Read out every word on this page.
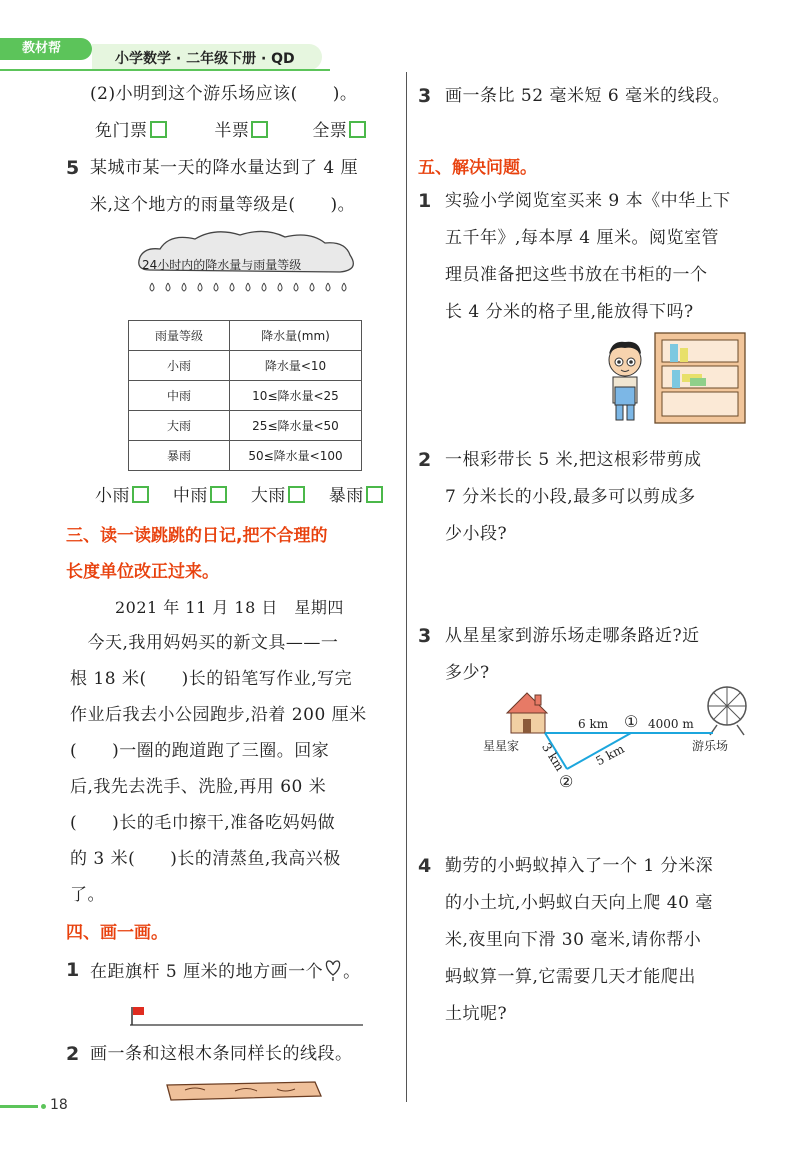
教材帮
小学数学 · 二年级下册 · QD
(2)小明到这个游乐场应该(　　)。
免门票	半票	全票
5 某城市某一天的降水量达到了 4 厘
米,这个地方的雨量等级是(　　)。
24小时内的降水量与雨量等级
雨量等级	降水量(mm)
小雨	降水量<10
中雨	10≤降水量<25
大雨	25≤降水量<50
暴雨	50≤降水量<100
小雨	中雨	大雨	暴雨
三、读一读跳跳的日记,把不合理的
长度单位改正过来。
2021 年 11 月 18 日　星期四
　今天,我用妈妈买的新文具——一
根 18 米(　　)长的铅笔写作业,写完
作业后我去小公园跑步,沿着 200 厘米
(　　)一圈的跑道跑了三圈。回家
后,我先去洗手、洗脸,再用 60 米
(　　)长的毛巾擦干,准备吃妈妈做
的 3 米(　　)长的清蒸鱼,我高兴极
了。
四、画一画。
1 在距旗杆 5 厘米的地方画一个 。
2 画一条和这根木条同样长的线段。
3 画一条比 52 毫米短 6 毫米的线段。
五、解决问题。
1 实验小学阅览室买来 9 本《中华上下
五千年》,每本厚 4 厘米。阅览室管
理员准备把这些书放在书柜的一个
长 4 分米的格子里,能放得下吗?
2 一根彩带长 5 米,把这根彩带剪成
7 分米长的小段,最多可以剪成多
少小段?
3 从星星家到游乐场走哪条路近?近
多少?
6 km ① 4000 m
星星家	游乐场
3 km 5 km
②
4 勤劳的小蚂蚁掉入了一个 1 分米深
的小土坑,小蚂蚁白天向上爬 40 毫
米,夜里向下滑 30 毫米,请你帮小
蚂蚁算一算,它需要几天才能爬出
土坑呢?
18
